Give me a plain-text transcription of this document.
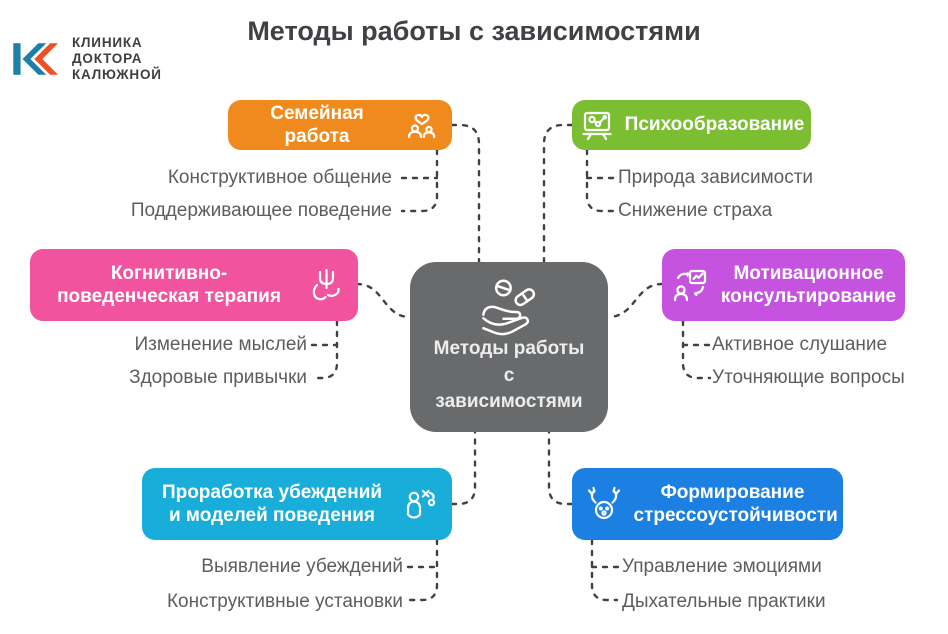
КЛИНИКА
ДОКТОРА
КАЛЮЖНОЙ
Методы работы с зависимостями
Методы работы
с
зависимостями
Семейная работа
Психообразование
Когнитивно-поведенческая терапия
Мотивационное консультирование
Проработка убеждений и моделей поведения
Формирование стрессоустойчивости
Конструктивное общение
Поддерживающее поведение
Природа зависимости
Снижение страха
Изменение мыслей
Здоровые привычки
Активное слушание
Уточняющие вопросы
Выявление убеждений
Конструктивные установки
Управление эмоциями
Дыхательные практики
